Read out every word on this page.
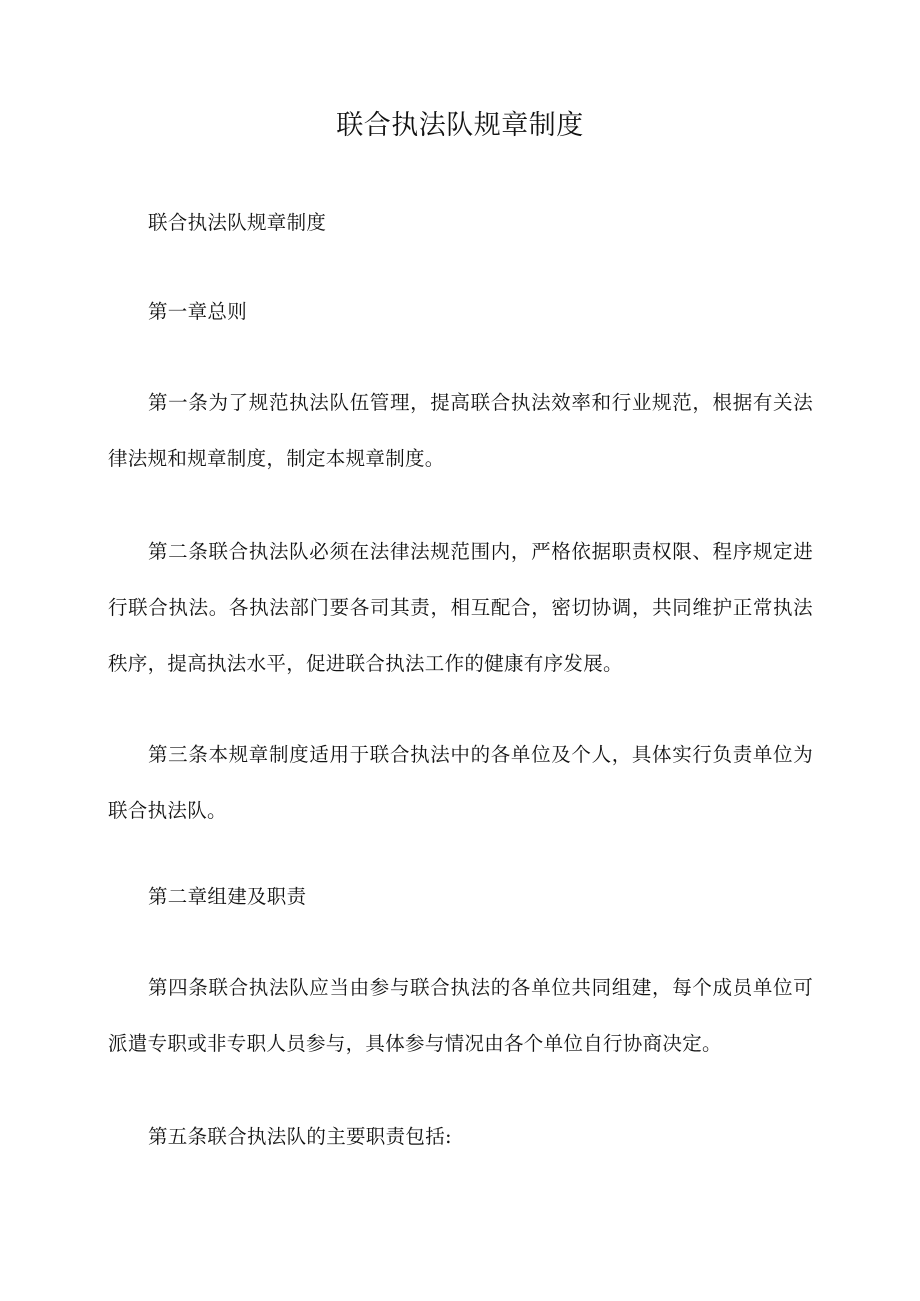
联合执法队规章制度

联合执法队规章制度

第一章总则

第一条为了规范执法队伍管理，提高联合执法效率和行业规范，根据有关法律法规和规章制度，制定本规章制度。

第二条联合执法队必须在法律法规范围内，严格依据职责权限、程序规定进行联合执法。各执法部门要各司其责，相互配合，密切协调，共同维护正常执法秩序，提高执法水平，促进联合执法工作的健康有序发展。

第三条本规章制度适用于联合执法中的各单位及个人，具体实行负责单位为联合执法队。

第二章组建及职责

第四条联合执法队应当由参与联合执法的各单位共同组建，每个成员单位可派遣专职或非专职人员参与，具体参与情况由各个单位自行协商决定。

第五条联合执法队的主要职责包括:
